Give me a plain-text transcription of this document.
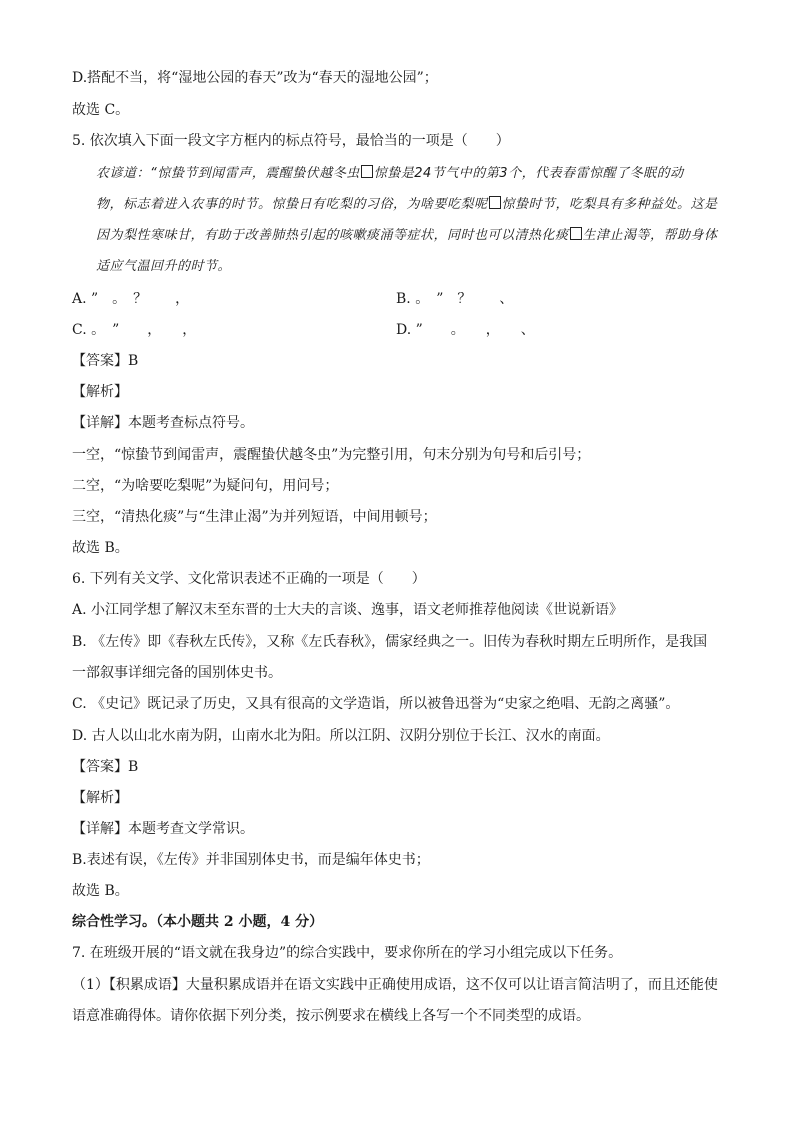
D.搭配不当，将“湿地公园的春天”改为“春天的湿地公园”；
故选 C。
5. 依次填入下面一段文字方框内的标点符号，最恰当的一项是（　　）
农谚道：“惊蛰节到闻雷声，震醒蛰伏越冬虫 惊蛰是24节气中的第3个，代表春雷惊醒了冬眠的动
物，标志着进入农事的时节。惊蛰日有吃梨的习俗，为啥要吃梨呢 惊蛰时节，吃梨具有多种益处。这是
因为梨性寒味甘，有助于改善肺热引起的咳嗽痰涌等症状，同时也可以清热化痰 生津止渴等，帮助身体
适应气温回升的时节。
A. ”　。　？　　，	B. 。　”　？　　、
C. 。　”　　，　　，	D. ”　　。　　，　　、
【答案】B
【解析】
【详解】本题考查标点符号。
一空，“惊蛰节到闻雷声，震醒蛰伏越冬虫”为完整引用，句末分别为句号和后引号；
二空，“为啥要吃梨呢”为疑问句，用问号；
三空，“清热化痰”与“生津止渴”为并列短语，中间用顿号；
故选 B。
6. 下列有关文学、文化常识表述不正确的一项是（　　）
A. 小江同学想了解汉末至东晋的士大夫的言谈、逸事，语文老师推荐他阅读《世说新语》
B. 《左传》即《春秋左氏传》，又称《左氏春秋》，儒家经典之一。旧传为春秋时期左丘明所作，是我国
一部叙事详细完备的国别体史书。
C. 《史记》既记录了历史，又具有很高的文学造诣，所以被鲁迅誉为“史家之绝唱、无韵之离骚”。
D. 古人以山北水南为阴，山南水北为阳。所以江阴、汉阴分别位于长江、汉水的南面。
【答案】B
【解析】
【详解】本题考查文学常识。
B.表述有误，《左传》并非国别体史书，而是编年体史书；
故选 B。
综合性学习。（本小题共 2 小题，4 分）
7. 在班级开展的“语文就在我身边”的综合实践中，要求你所在的学习小组完成以下任务。
（1）【积累成语】大量积累成语并在语文实践中正确使用成语，这不仅可以让语言简洁明了，而且还能使
语意准确得体。请你依据下列分类，按示例要求在横线上各写一个不同类型的成语。
